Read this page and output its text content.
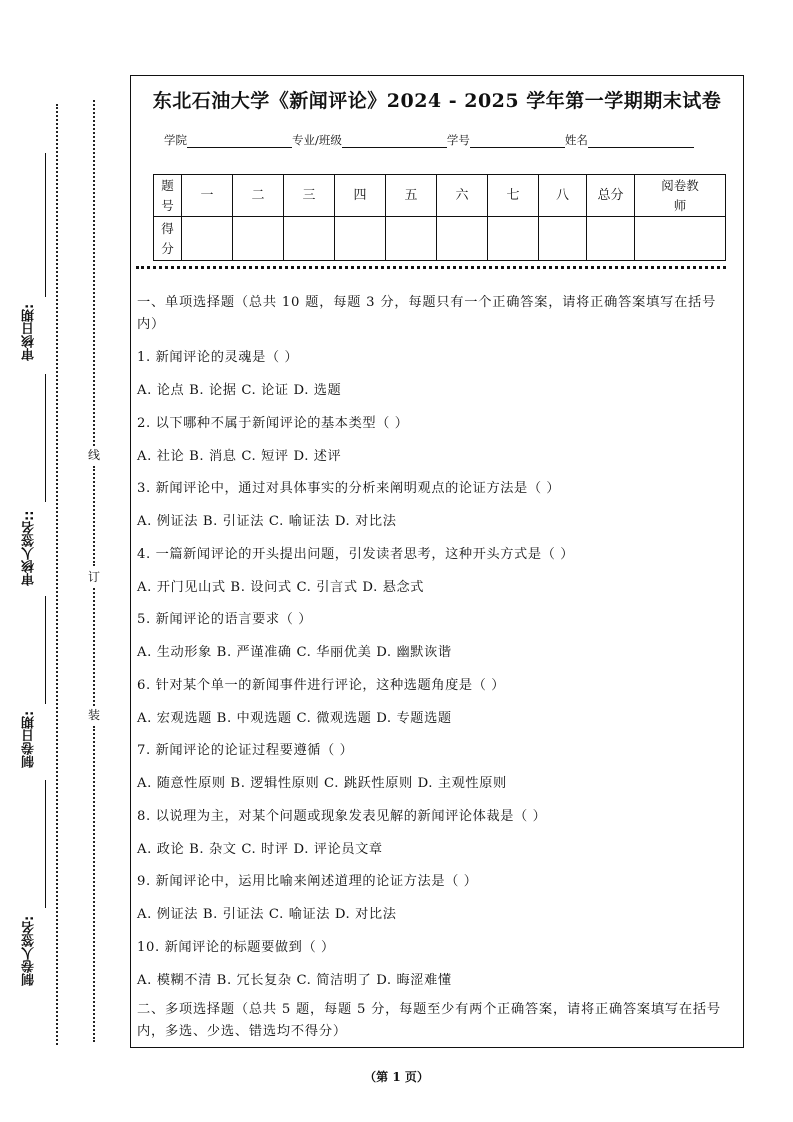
审核日期:
审核人签名::
制卷日期:
制卷人签名:
线
订
装
东北石油大学《新闻评论》2024 - 2025 学年第一学期期末试卷
学院	专业/班级	学号	姓名
题号	一	二	三	四	五	六	七	八	总分	阅卷教师
得分										
一、单项选择题（总共 10 题，每题 3 分，每题只有一个正确答案，请将正确答案填写在括号内）
1. 新闻评论的灵魂是（ ）
A. 论点 B. 论据 C. 论证 D. 选题
2. 以下哪种不属于新闻评论的基本类型（ ）
A. 社论 B. 消息 C. 短评 D. 述评
3. 新闻评论中，通过对具体事实的分析来阐明观点的论证方法是（ ）
A. 例证法 B. 引证法 C. 喻证法 D. 对比法
4. 一篇新闻评论的开头提出问题，引发读者思考，这种开头方式是（ ）
A. 开门见山式 B. 设问式 C. 引言式 D. 悬念式
5. 新闻评论的语言要求（ ）
A. 生动形象 B. 严谨准确 C. 华丽优美 D. 幽默诙谐
6. 针对某个单一的新闻事件进行评论，这种选题角度是（ ）
A. 宏观选题 B. 中观选题 C. 微观选题 D. 专题选题
7. 新闻评论的论证过程要遵循（ ）
A. 随意性原则 B. 逻辑性原则 C. 跳跃性原则 D. 主观性原则
8. 以说理为主，对某个问题或现象发表见解的新闻评论体裁是（ ）
A. 政论 B. 杂文 C. 时评 D. 评论员文章
9. 新闻评论中，运用比喻来阐述道理的论证方法是（ ）
A. 例证法 B. 引证法 C. 喻证法 D. 对比法
10. 新闻评论的标题要做到（ ）
A. 模糊不清 B. 冗长复杂 C. 简洁明了 D. 晦涩难懂
二、多项选择题（总共 5 题，每题 5 分，每题至少有两个正确答案，请将正确答案填写在括号内，多选、少选、错选均不得分）
（第 1 页）
